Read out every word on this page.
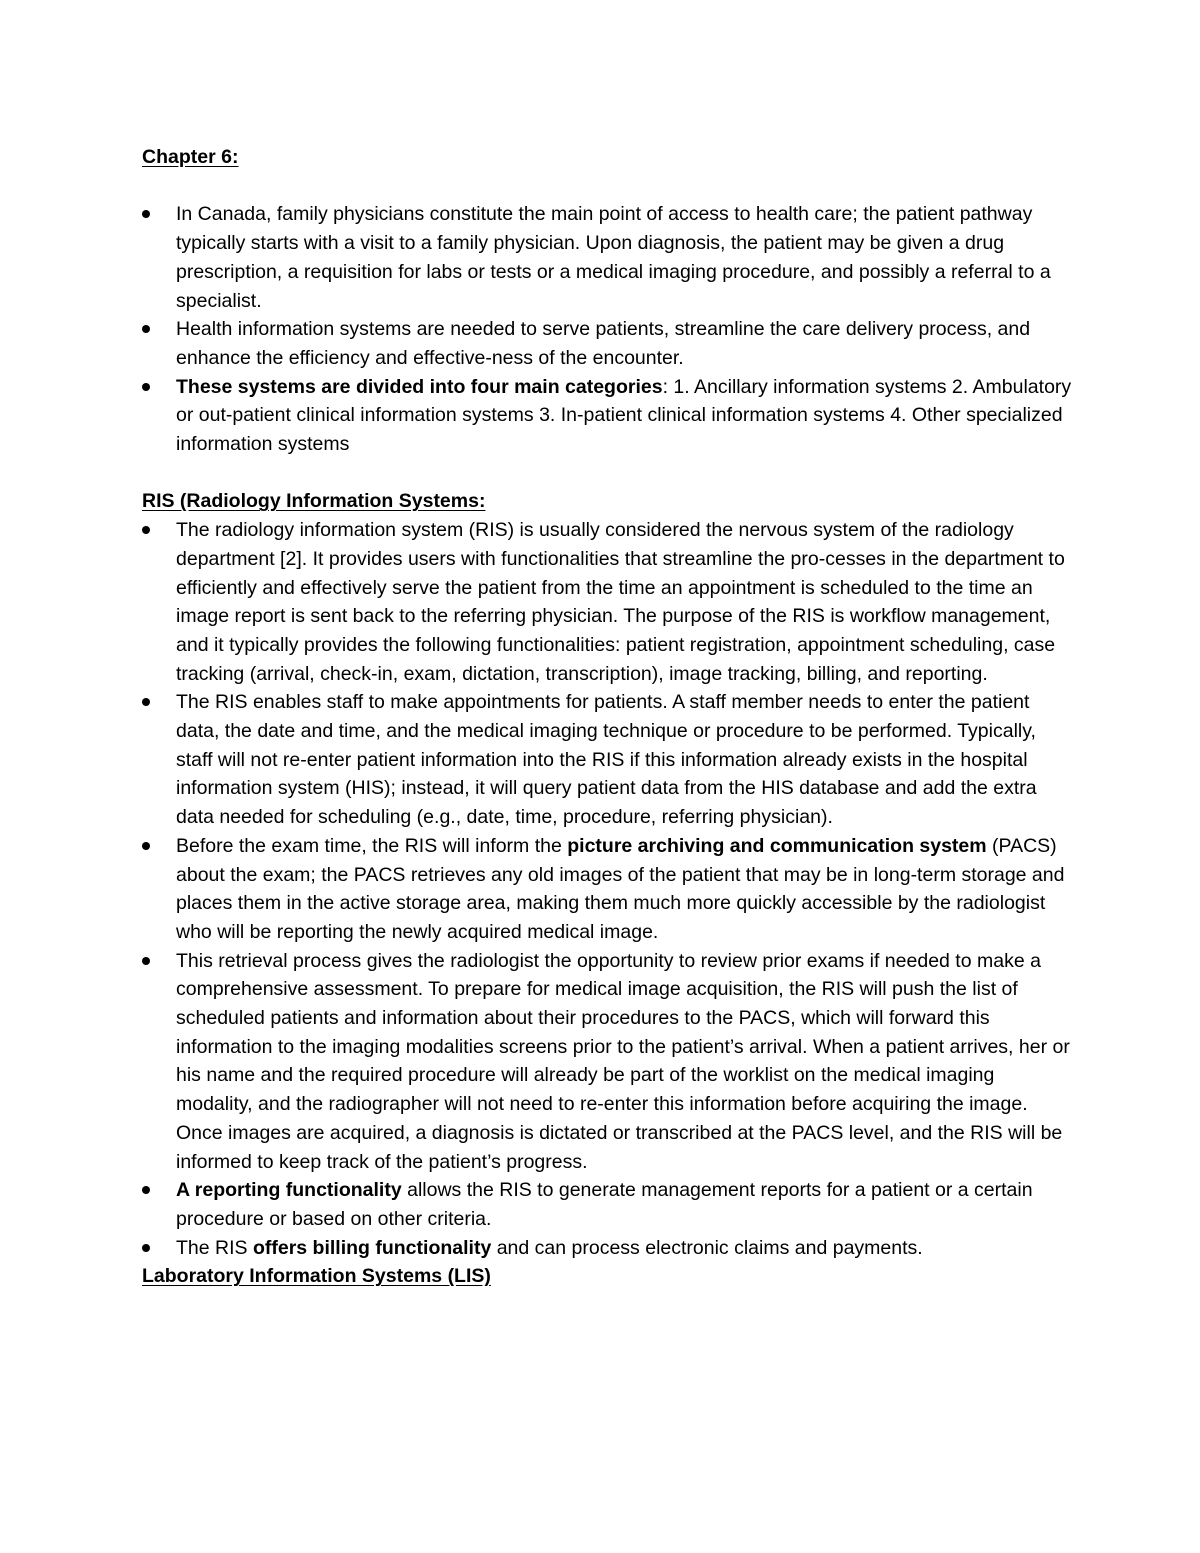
Chapter 6:

In Canada, family physicians constitute the main point of access to health care; the patient pathway typically starts with a visit to a family physician. Upon diagnosis, the patient may be given a drug prescription, a requisition for labs or tests or a medical imaging procedure, and possibly a referral to a specialist.
Health information systems are needed to serve patients, streamline the care delivery process, and enhance the efficiency and effective-ness of the encounter.
These systems are divided into four main categories: 1. Ancillary information systems 2. Ambulatory or out-patient clinical information systems 3. In-patient clinical information systems 4. Other specialized information systems

RIS (Radiology Information Systems:

The radiology information system (RIS) is usually considered the nervous system of the radiology department [2]. It provides users with functionalities that streamline the pro-cesses in the department to efficiently and effectively serve the patient from the time an appointment is scheduled to the time an image report is sent back to the referring physician. The purpose of the RIS is workflow management, and it typically provides the following functionalities: patient registration, appointment scheduling, case tracking (arrival, check-in, exam, dictation, transcription), image tracking, billing, and reporting.
The RIS enables staff to make appointments for patients. A staff member needs to enter the patient data, the date and time, and the medical imaging technique or procedure to be performed. Typically, staff will not re-enter patient information into the RIS if this information already exists in the hospital information system (HIS); instead, it will query patient data from the HIS database and add the extra data needed for scheduling (e.g., date, time, procedure, referring physician).
Before the exam time, the RIS will inform the picture archiving and communication system (PACS) about the exam; the PACS retrieves any old images of the patient that may be in long-term storage and places them in the active storage area, making them much more quickly accessible by the radiologist who will be reporting the newly acquired medical image.
This retrieval process gives the radiologist the opportunity to review prior exams if needed to make a comprehensive assessment. To prepare for medical image acquisition, the RIS will push the list of scheduled patients and information about their procedures to the PACS, which will forward this information to the imaging modalities screens prior to the patient’s arrival. When a patient arrives, her or his name and the required procedure will already be part of the worklist on the medical imaging modality, and the radiographer will not need to re-enter this information before acquiring the image. Once images are acquired, a diagnosis is dictated or transcribed at the PACS level, and the RIS will be informed to keep track of the patient’s progress.
A reporting functionality allows the RIS to generate management reports for a patient or a certain procedure or based on other criteria.
The RIS offers billing functionality and can process electronic claims and payments.

Laboratory Information Systems (LIS)
